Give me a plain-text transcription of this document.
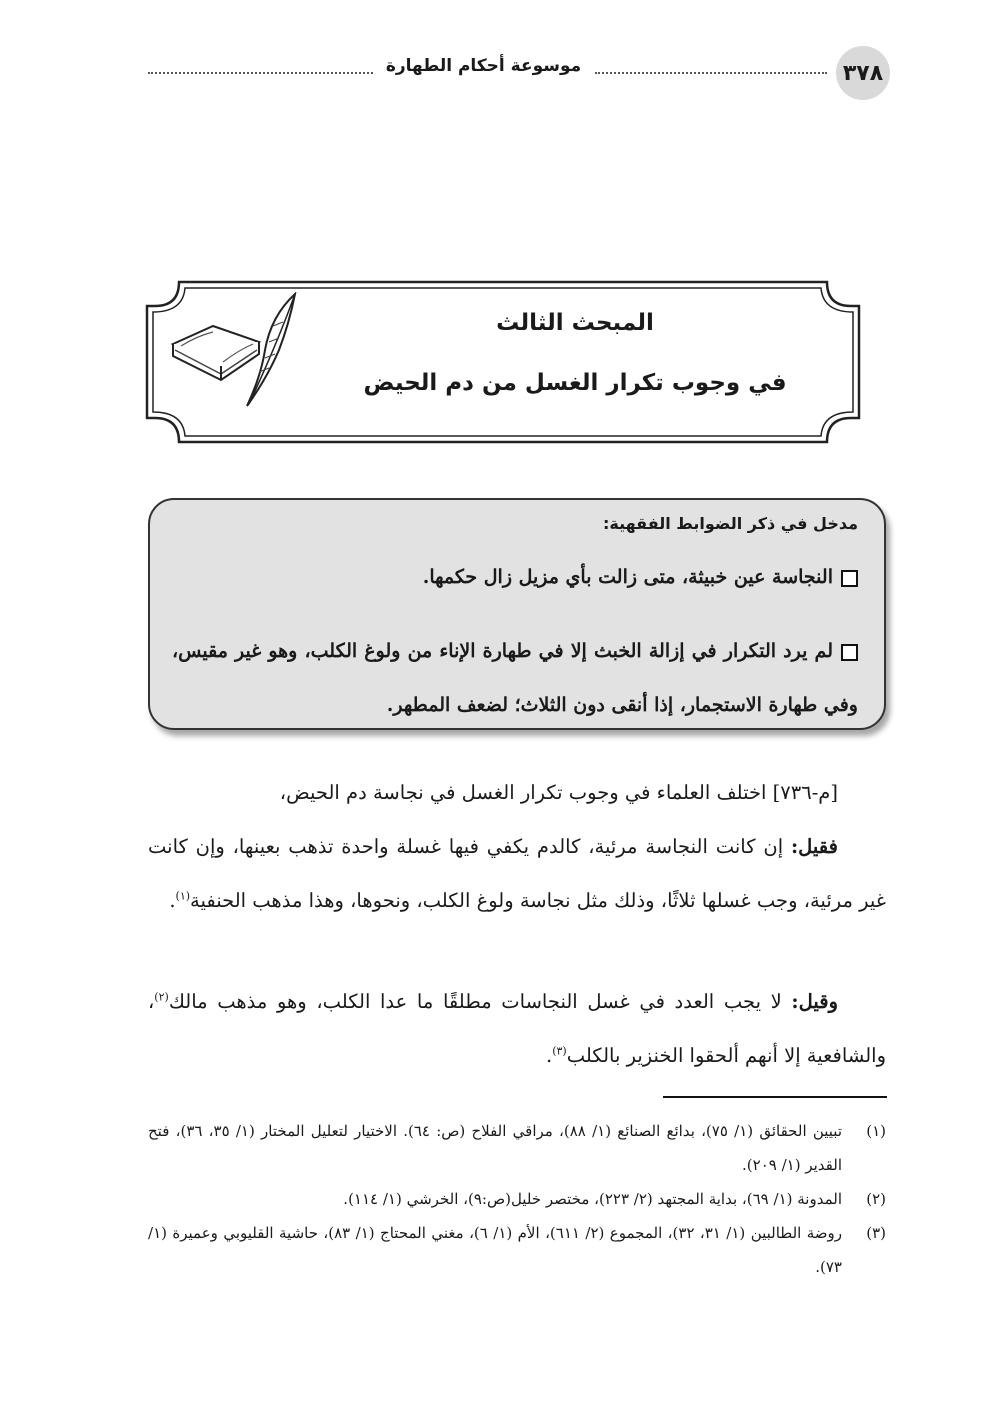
٣٧٨
موسوعة أحكام الطهارة
المبحث الثالث
في وجوب تكرار الغسل من دم الحيض
مدخل في ذكر الضوابط الفقهية:
النجاسة عين خبيثة، متى زالت بأي مزيل زال حكمها.
لم يرد التكرار في إزالة الخبث إلا في طهارة الإناء من ولوغ الكلب، وهو غير مقيس، وفي طهارة الاستجمار، إذا أنقى دون الثلاث؛ لضعف المطهر.

[م-٧٣٦] اختلف العلماء في وجوب تكرار الغسل في نجاسة دم الحيض،

فقيل: إن كانت النجاسة مرئية، كالدم يكفي فيها غسلة واحدة تذهب بعينها، وإن كانت غير مرئية، وجب غسلها ثلاثًا، وذلك مثل نجاسة ولوغ الكلب، ونحوها، وهذا مذهب الحنفية$^{(١)}$.

وقيل: لا يجب العدد في غسل النجاسات مطلقًا ما عدا الكلب، وهو مذهب مالك$^{(٢)}$، والشافعية إلا أنهم ألحقوا الخنزير بالكلب$^{(٣)}$.

(١)
تبيين الحقائق (١/ ٧٥)، بدائع الصنائع (١/ ٨٨)، مراقي الفلاح (ص: ٦٤). الاختيار لتعليل المختار (١/ ٣٥، ٣٦)، فتح القدير (١/ ٢٠٩).
(٢)
المدونة (١/ ٦٩)، بداية المجتهد (٢/ ٢٢٣)، مختصر خليل(ص:٩)، الخرشي (١/ ١١٤).
(٣)
روضة الطالبين (١/ ٣١، ٣٢)، المجموع (٢/ ٦١١)، الأم (١/ ٦)، مغني المحتاج (١/ ٨٣)، حاشية القليوبي وعميرة (١/ ٧٣).
